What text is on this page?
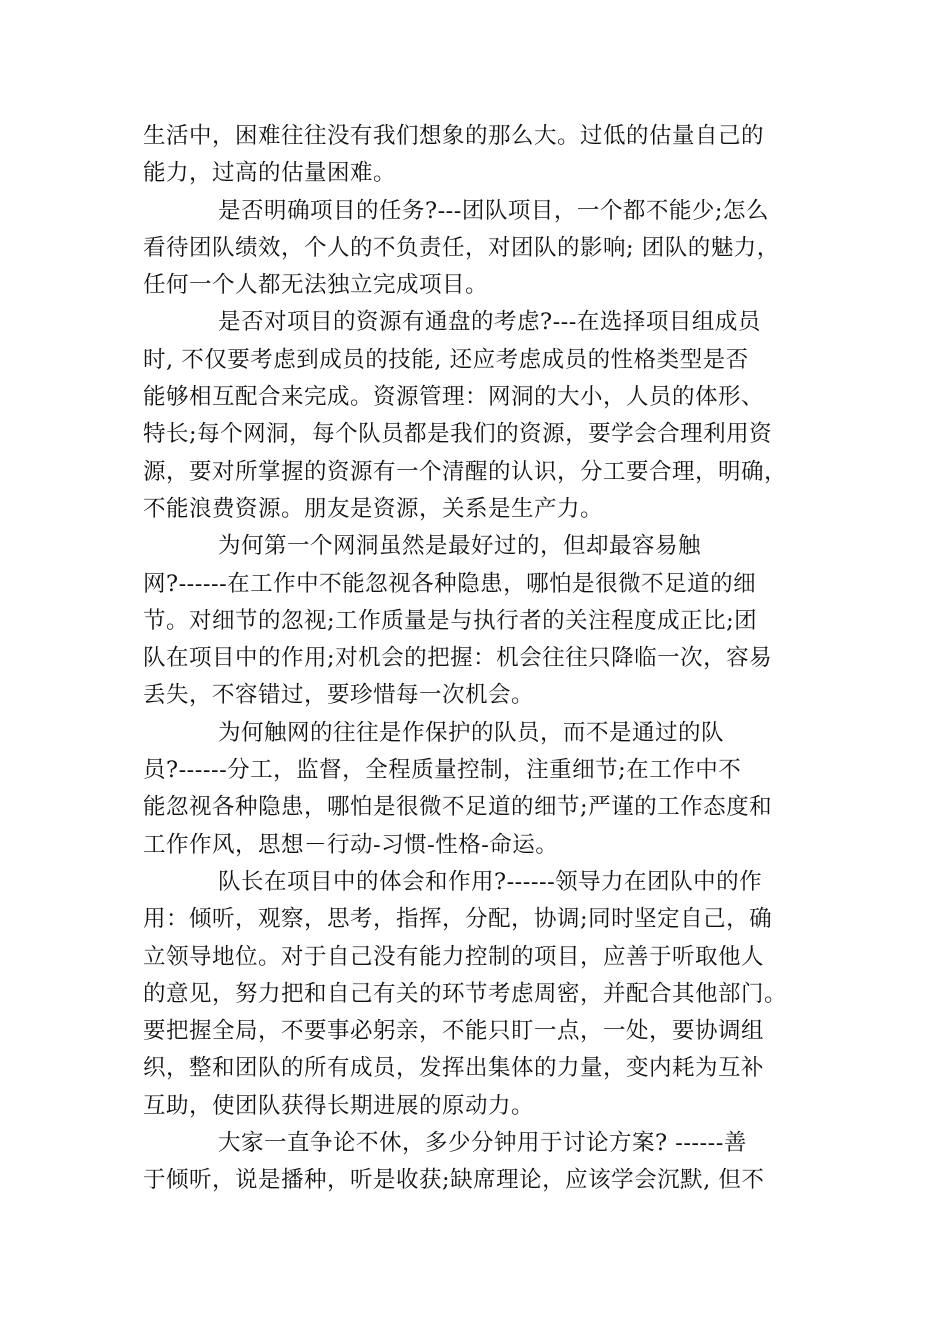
生活中，困难往往没有我们想象的那么大。过低的估量自己的
能力，过高的估量困难。
是否明确项目的任务?---团队项目，一个都不能少;怎么
看待团队绩效，个人的不负责任，对团队的影响; 团队的魅力，
任何一个人都无法独立完成项目。
是否对项目的资源有通盘的考虑?---在选择项目组成员
时, 不仅要考虑到成员的技能, 还应考虑成员的性格类型是否
能够相互配合来完成。资源管理：网洞的大小，人员的体形、
特长;每个网洞，每个队员都是我们的资源，要学会合理利用资
源，要对所掌握的资源有一个清醒的认识，分工要合理，明确，
不能浪费资源。朋友是资源，关系是生产力。
为何第一个网洞虽然是最好过的，但却最容易触
网?------在工作中不能忽视各种隐患，哪怕是很微不足道的细
节。对细节的忽视;工作质量是与执行者的关注程度成正比;团
队在项目中的作用;对机会的把握：机会往往只降临一次，容易
丢失，不容错过，要珍惜每一次机会。
为何触网的往往是作保护的队员，而不是通过的队
员?------分工，监督，全程质量控制，注重细节;在工作中不
能忽视各种隐患，哪怕是很微不足道的细节;严谨的工作态度和
工作作风，思想－行动-习惯-性格-命运。
队长在项目中的体会和作用?------领导力在团队中的作
用：倾听，观察，思考，指挥，分配，协调;同时坚定自己，确
立领导地位。对于自己没有能力控制的项目，应善于听取他人
的意见，努力把和自己有关的环节考虑周密，并配合其他部门。
要把握全局，不要事必躬亲，不能只盯一点，一处，要协调组
织，整和团队的所有成员，发挥出集体的力量，变内耗为互补
互助，使团队获得长期进展的原动力。
大家一直争论不休，多少分钟用于讨论方案? ------善
于倾听，说是播种，听是收获;缺席理论，应该学会沉默, 但不
